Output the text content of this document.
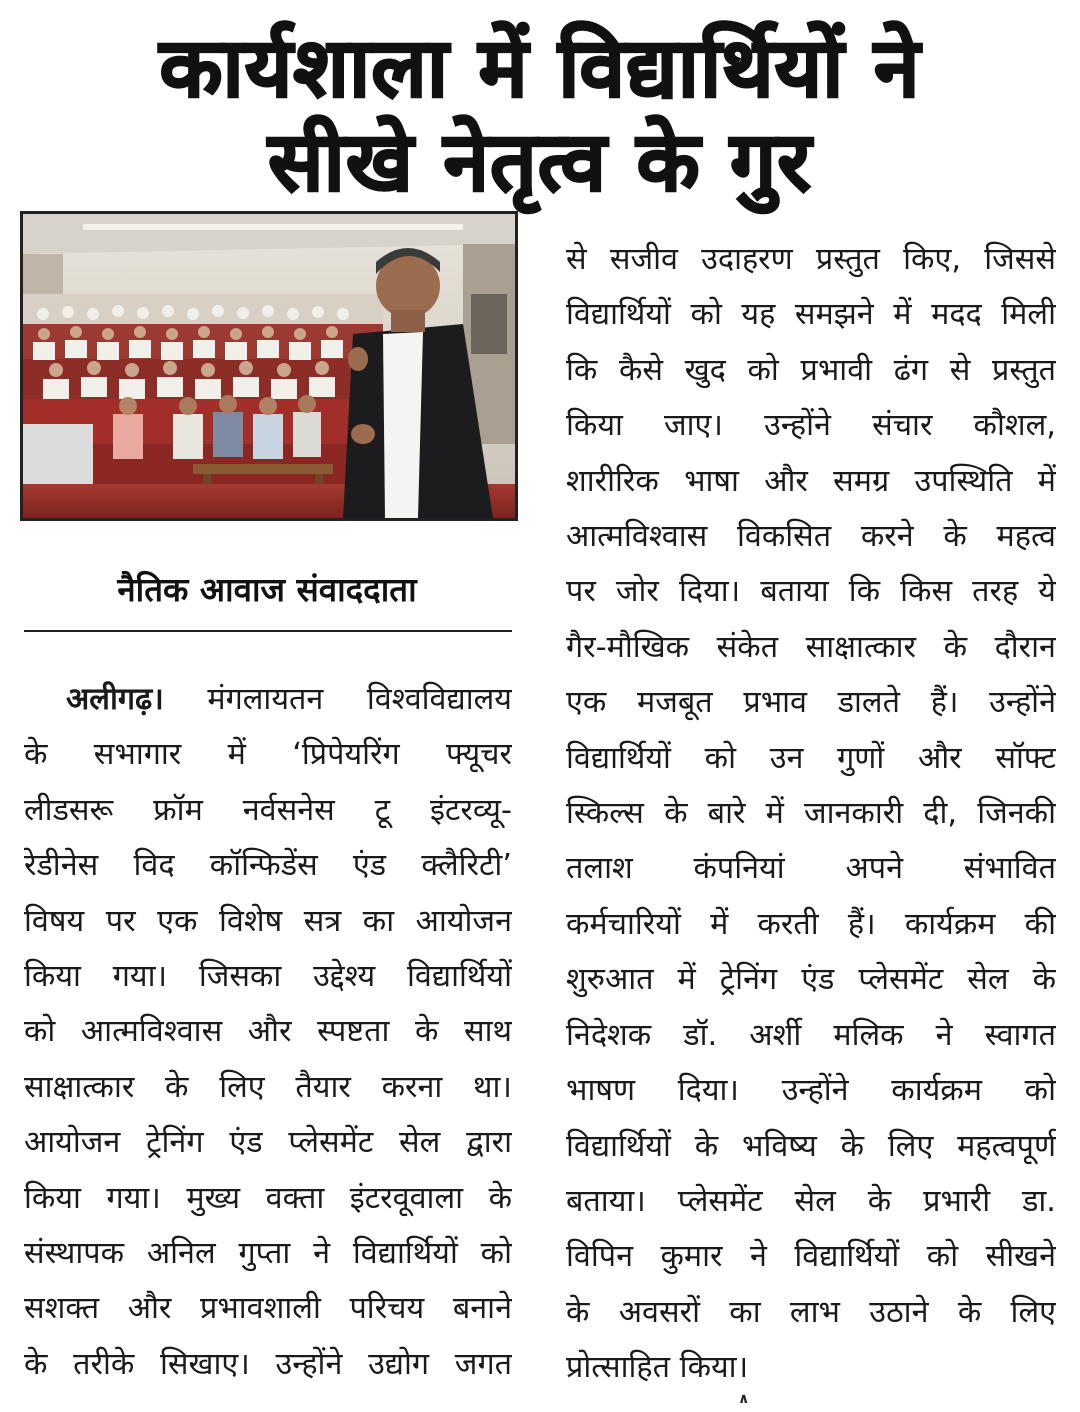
कार्यशाला में विद्यार्थियों ने
सीखे नेतृत्व के गुर
नैतिक आवाज संवाददाता
अलीगढ़। मंगलायतन विश्वविद्यालय
के सभागार में ‘प्रिपेयरिंग फ्यूचर
लीडसरू फ्रॉम नर्वसनेस टू इंटरव्यू-
रेडीनेस विद कॉन्फिडेंस एंड क्लैरिटी’
विषय पर एक विशेष सत्र का आयोजन
किया गया। जिसका उद्देश्य विद्यार्थियों
को आत्मविश्वास और स्पष्टता के साथ
साक्षात्कार के लिए तैयार करना था।
आयोजन ट्रेनिंग एंड प्लेसमेंट सेल द्वारा
किया गया। मुख्य वक्ता इंटरवूवाला के
संस्थापक अनिल गुप्ता ने विद्यार्थियों को
सशक्त और प्रभावशाली परिचय बनाने
के तरीके सिखाए। उन्होंने उद्योग जगत
से सजीव उदाहरण प्रस्तुत किए, जिससे
विद्यार्थियों को यह समझने में मदद मिली
कि कैसे खुद को प्रभावी ढंग से प्रस्तुत
किया जाए। उन्होंने संचार कौशल,
शारीरिक भाषा और समग्र उपस्थिति में
आत्मविश्वास विकसित करने के महत्व
पर जोर दिया। बताया कि किस तरह ये
गैर-मौखिक संकेत साक्षात्कार के दौरान
एक मजबूत प्रभाव डालते हैं। उन्होंने
विद्यार्थियों को उन गुणों और सॉफ्ट
स्किल्स के बारे में जानकारी दी, जिनकी
तलाश कंपनियां अपने संभावित
कर्मचारियों में करती हैं। कार्यक्रम की
शुरुआत में ट्रेनिंग एंड प्लेसमेंट सेल के
निदेशक डॉ. अर्शी मलिक ने स्वागत
भाषण दिया। उन्होंने कार्यक्रम को
विद्यार्थियों के भविष्य के लिए महत्वपूर्ण
बताया। प्लेसमेंट सेल के प्रभारी डा.
विपिन कुमार ने विद्यार्थियों को सीखने
के अवसरों का लाभ उठाने के लिए
प्रोत्साहित किया।
∧
